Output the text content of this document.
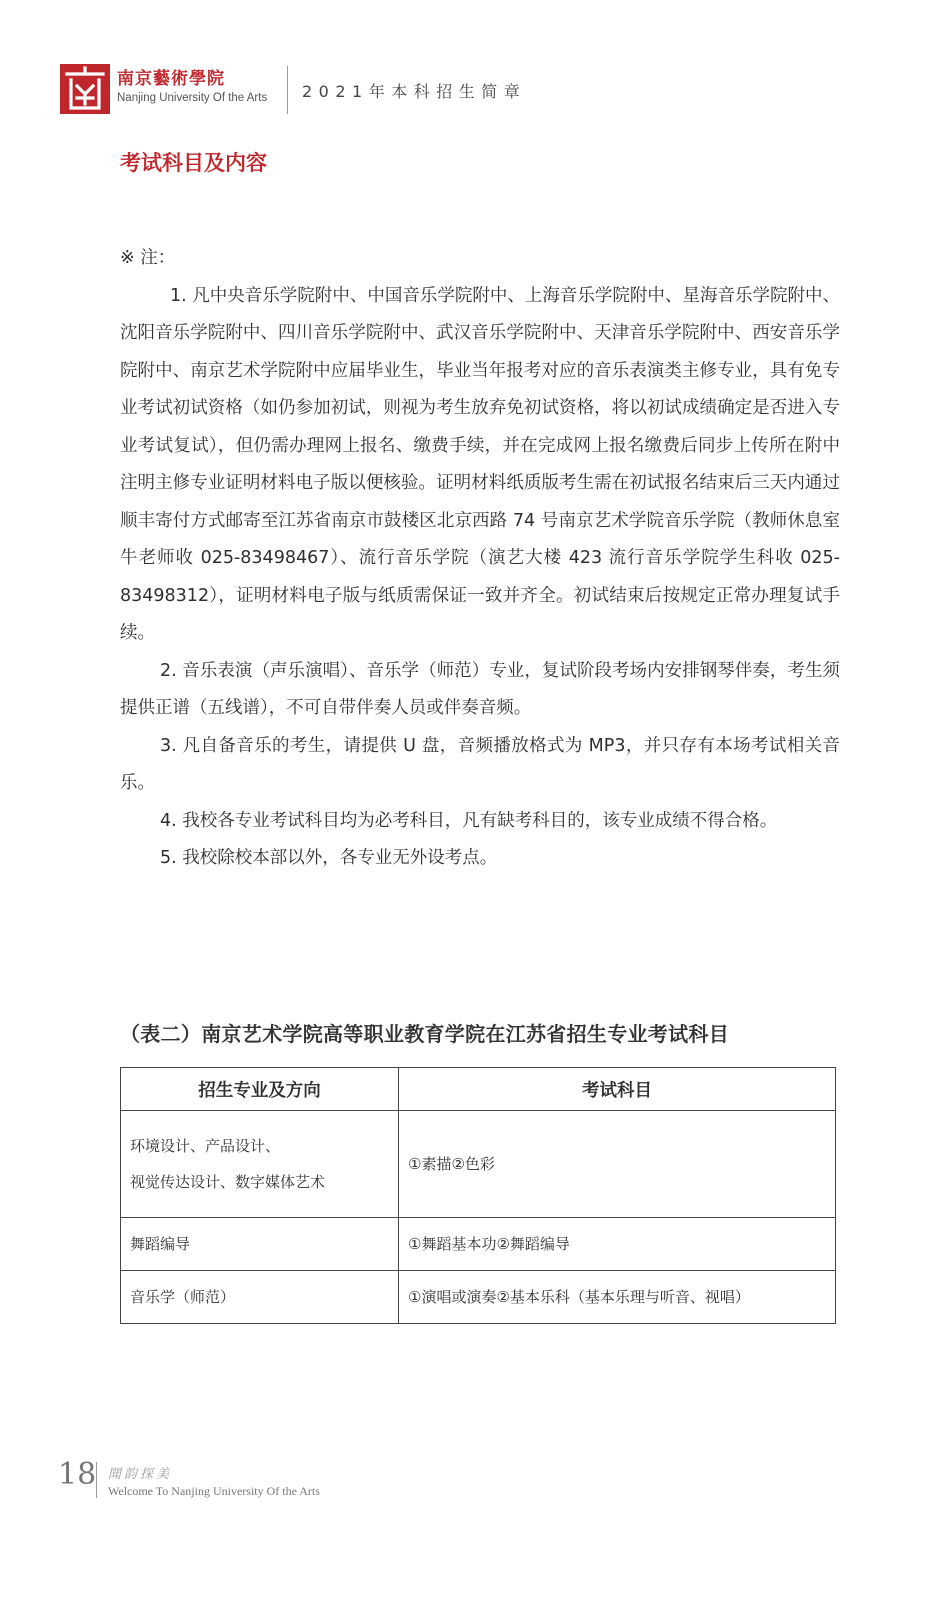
南京藝術學院
Nanjing University Of the Arts 2021年本科招生简章
考试科目及内容

※ 注：

1. 凡中央音乐学院附中、中国音乐学院附中、上海音乐学院附中、星海音乐学院附中、沈阳音乐学院附中、四川音乐学院附中、武汉音乐学院附中、天津音乐学院附中、西安音乐学院附中、南京艺术学院附中应届毕业生，毕业当年报考对应的音乐表演类主修专业，具有免专业考试初试资格（如仍参加初试，则视为考生放弃免初试资格，将以初试成绩确定是否进入专业考试复试），但仍需办理网上报名、缴费手续，并在完成网上报名缴费后同步上传所在附中注明主修专业证明材料电子版以便核验。证明材料纸质版考生需在初试报名结束后三天内通过顺丰寄付方式邮寄至江苏省南京市鼓楼区北京西路 74 号南京艺术学院音乐学院（教师休息室牛老师收 025-83498467）、流行音乐学院（演艺大楼 423 流行音乐学院学生科收 025-83498312），证明材料电子版与纸质需保证一致并齐全。初试结束后按规定正常办理复试手续。

2. 音乐表演（声乐演唱）、音乐学（师范）专业，复试阶段考场内安排钢琴伴奏，考生须提供正谱（五线谱），不可自带伴奏人员或伴奏音频。

3. 凡自备音乐的考生，请提供 U 盘，音频播放格式为 MP3，并只存有本场考试相关音乐。

4. 我校各专业考试科目均为必考科目，凡有缺考科目的，该专业成绩不得合格。

5. 我校除校本部以外，各专业无外设考点。

（表二）南京艺术学院高等职业教育学院在江苏省招生专业考试科目
招生专业及方向	考试科目

环境设计、产品设计、
视觉传达设计、数字媒体艺术	①素描②色彩
舞蹈编导	①舞蹈基本功②舞蹈编导
音乐学（师范）	①演唱或演奏②基本乐科（基本乐理与听音、视唱）
18 聞韵探美
Welcome To Nanjing University Of the Arts
